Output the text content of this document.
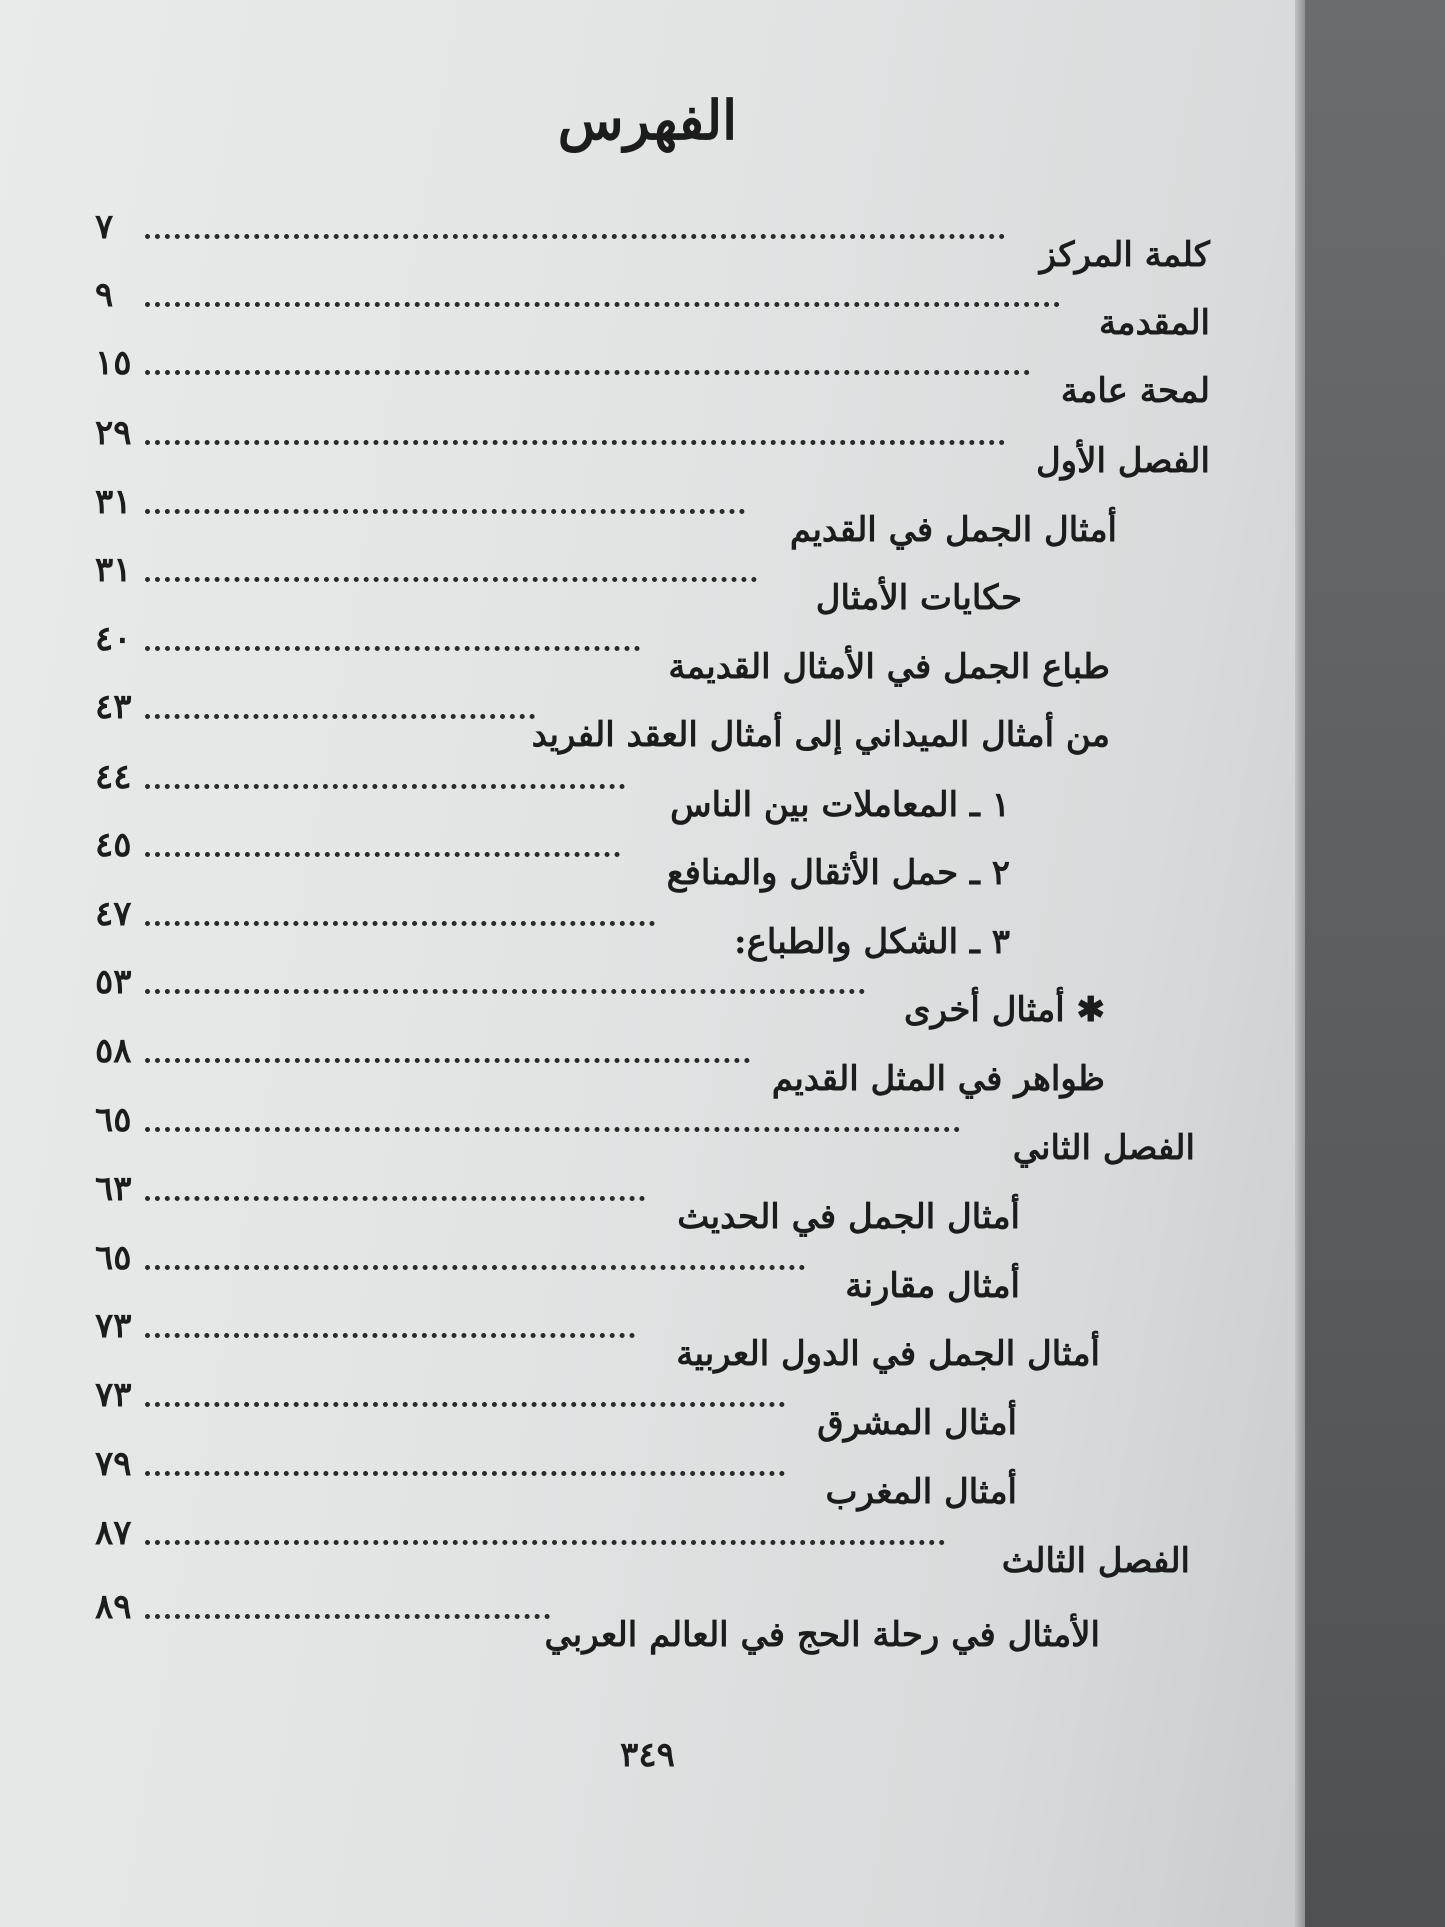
الفهرس
كلمة المركز
٧
المقدمة
٩
لمحة عامة
١٥
الفصل الأول
٢٩
أمثال الجمل في القديم
٣١
حكايات الأمثال
٣١
طباع الجمل في الأمثال القديمة
٤٠
من أمثال الميداني إلى أمثال العقد الفريد
٤٣
١ ـ المعاملات بين الناس
٤٤
٢ ـ حمل الأثقال والمنافع
٤٥
٣ ـ الشكل والطباع:
٤٧
✱ أمثال أخرى
٥٣
ظواهر في المثل القديم
٥٨
الفصل الثاني
٦٥
أمثال الجمل في الحديث
٦٣
أمثال مقارنة
٦٥
أمثال الجمل في الدول العربية
٧٣
أمثال المشرق
٧٣
أمثال المغرب
٧٩
الفصل الثالث
٨٧
الأمثال في رحلة الحج في العالم العربي
٨٩
٣٤٩
